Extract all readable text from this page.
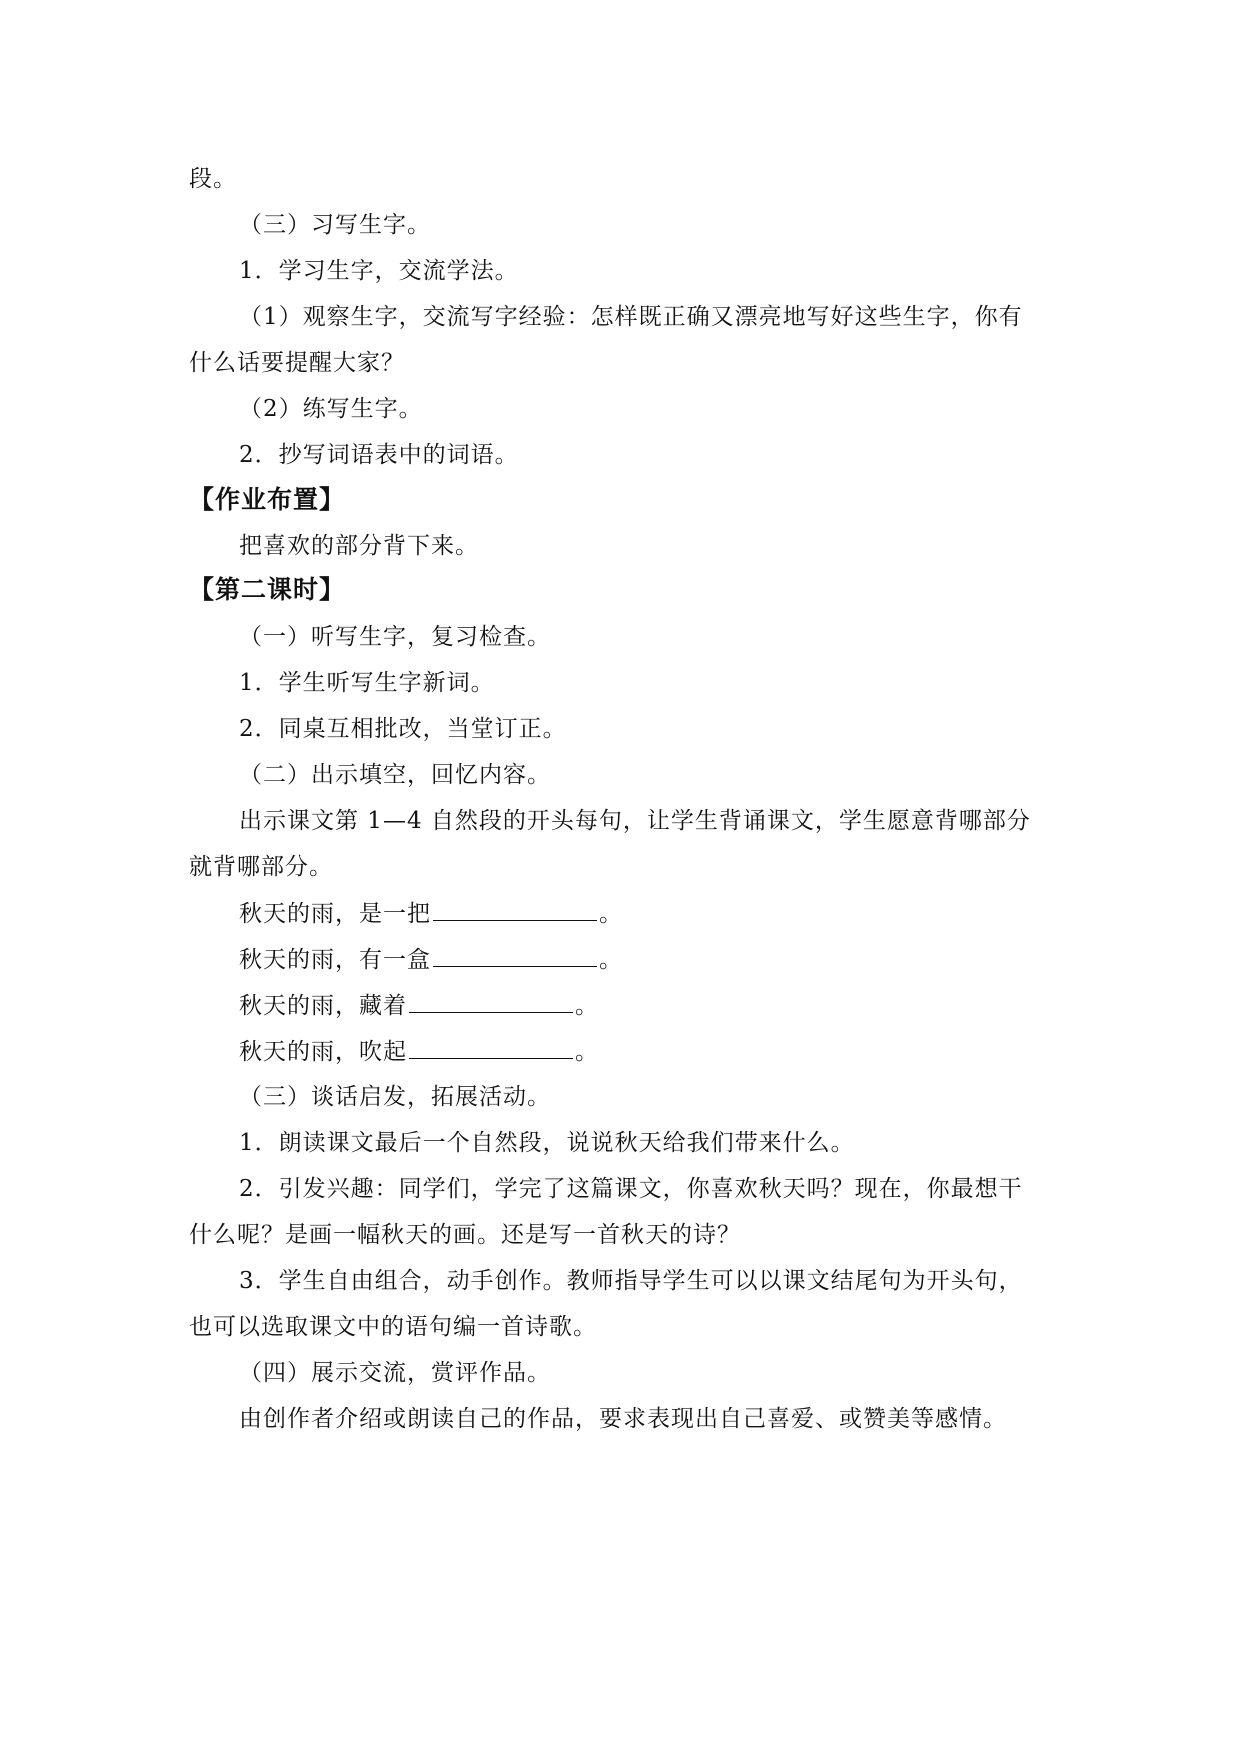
段。
（三）习写生字。
1．学习生字，交流学法。
（1）观察生字，交流写字经验：怎样既正确又漂亮地写好这些生字，你有
什么话要提醒大家？
（2）练写生字。
2．抄写词语表中的词语。
【作业布置】
把喜欢的部分背下来。
【第二课时】
（一）听写生字，复习检查。
1．学生听写生字新词。
2．同桌互相批改，当堂订正。
（二）出示填空，回忆内容。
出示课文第 1—4 自然段的开头每句，让学生背诵课文，学生愿意背哪部分
就背哪部分。
秋天的雨，是一把	。
秋天的雨，有一盒	。
秋天的雨，藏着	。
秋天的雨，吹起	。
（三）谈话启发，拓展活动。
1．朗读课文最后一个自然段，说说秋天给我们带来什么。
2．引发兴趣：同学们，学完了这篇课文，你喜欢秋天吗？现在，你最想干
什么呢？是画一幅秋天的画。还是写一首秋天的诗？
3．学生自由组合，动手创作。教师指导学生可以以课文结尾句为开头句，
也可以选取课文中的语句编一首诗歌。
（四）展示交流，赏评作品。
由创作者介绍或朗读自己的作品，要求表现出自己喜爱、或赞美等感情。
